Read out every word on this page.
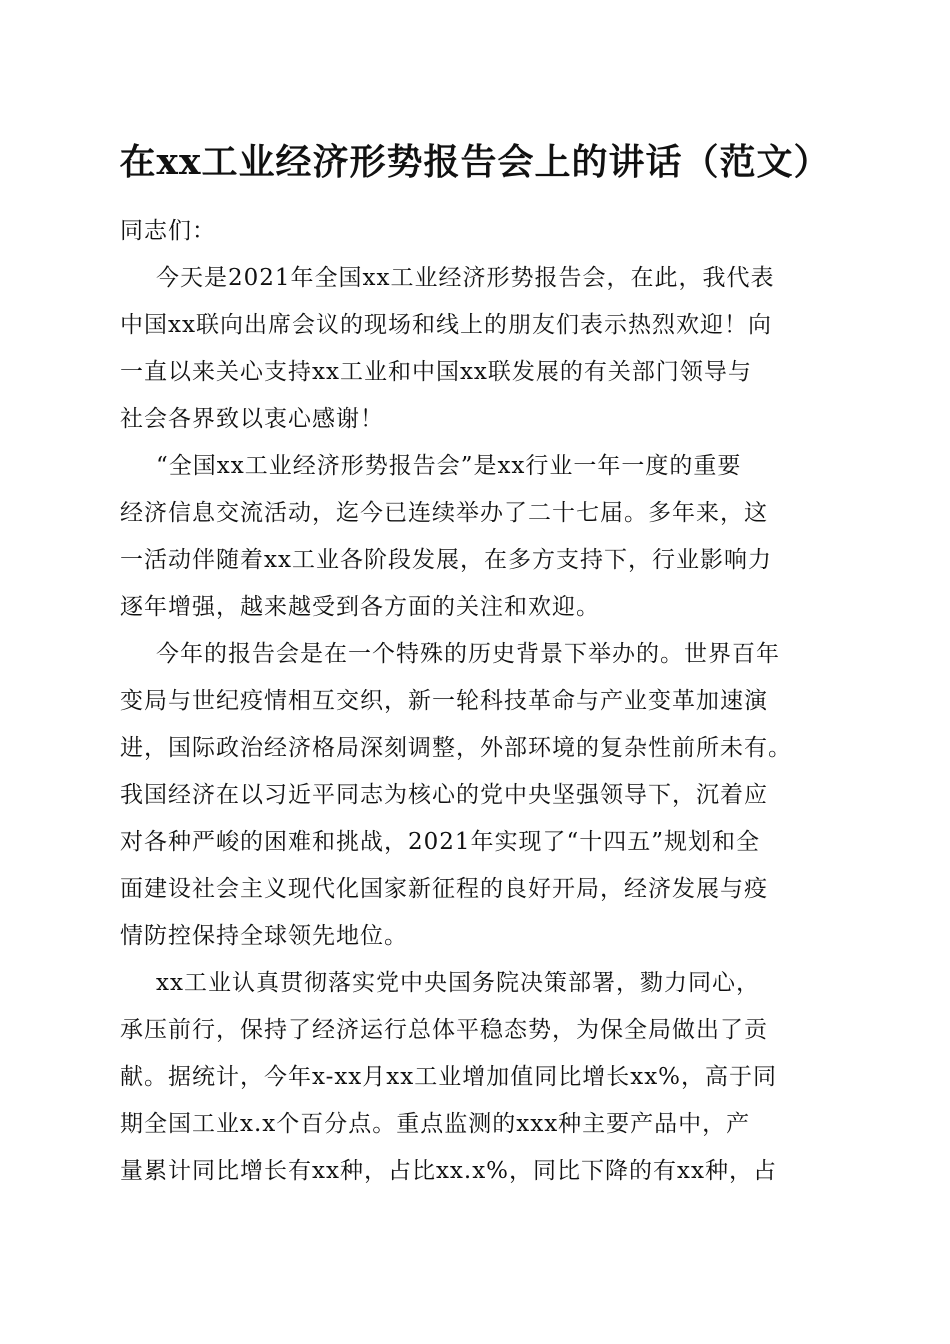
在xx工业经济形势报告会上的讲话（范文）
同志们：
今天是2021年全国xx工业经济形势报告会，在此，我代表
中国xx联向出席会议的现场和线上的朋友们表示热烈欢迎！向
一直以来关心支持xx工业和中国xx联发展的有关部门领导与
社会各界致以衷心感谢！
“全国xx工业经济形势报告会”是xx行业一年一度的重要
经济信息交流活动，迄今已连续举办了二十七届。多年来，这
一活动伴随着xx工业各阶段发展，在多方支持下，行业影响力
逐年增强，越来越受到各方面的关注和欢迎。
今年的报告会是在一个特殊的历史背景下举办的。世界百年
变局与世纪疫情相互交织，新一轮科技革命与产业变革加速演
进，国际政治经济格局深刻调整，外部环境的复杂性前所未有。
我国经济在以习近平同志为核心的党中央坚强领导下，沉着应
对各种严峻的困难和挑战，2021年实现了“十四五”规划和全
面建设社会主义现代化国家新征程的良好开局，经济发展与疫
情防控保持全球领先地位。
xx工业认真贯彻落实党中央国务院决策部署，勠力同心，
承压前行，保持了经济运行总体平稳态势，为保全局做出了贡
献。据统计，今年x-xx月xx工业增加值同比增长xx%，高于同
期全国工业x.x个百分点。重点监测的xxx种主要产品中，产
量累计同比增长有xx种，占比xx.x%，同比下降的有xx种，占
